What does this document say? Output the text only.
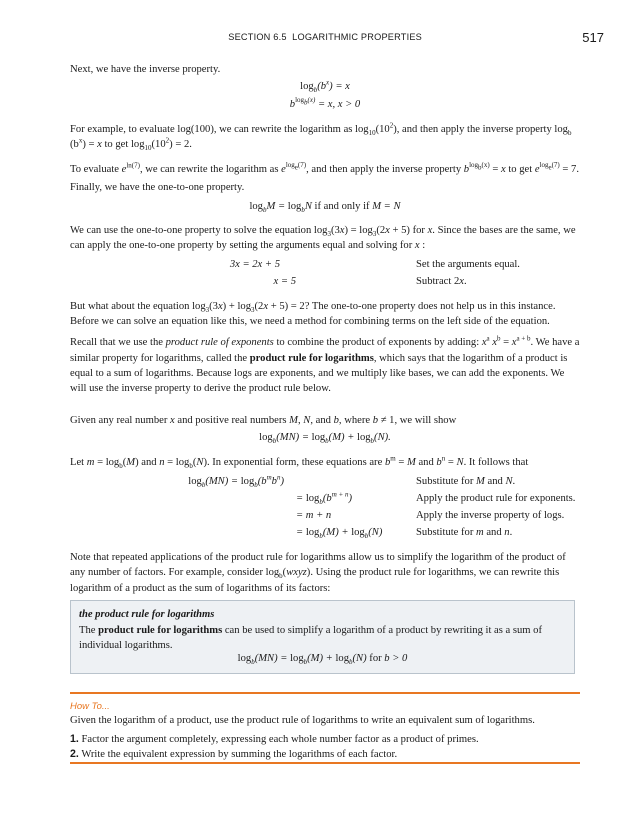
SECTION 6.5 LOGARITHMIC PROPERTIES	517

Next, we have the inverse property.

$\log_b(b^x) = x$
$b^{log_b(x)} = x$, x > 0

For example, to evaluate log(100), we can rewrite the logarithm as $\log_{10}(10^2)$, and then apply the inverse property $\log_b (b^x) = x$ to get $\log_{10}(10^2) = 2$.

To evaluate $e^{ln(7)}$, we can rewrite the logarithm as $e^{log_e(7)}$, and then apply the inverse property $b^{log_b(x)} = x$ to get $e^{log_e(7)} = 7$.

Finally, we have the one-to-one property.

$\log_bM = \log_bN$ if and only if M = N

We can use the one-to-one property to solve the equation $\log_3(3x) = \log_3(2x + 5)$ for x. Since the bases are the same, we can apply the one-to-one property by setting the arguments equal and solving for x :

3x = 2x + 5	Set the arguments equal.
x = 5	Subtract 2x.

But what about the equation $\log_3(3x) + \log_3(2x + 5) = 2$? The one-to-one property does not help us in this instance. Before we can solve an equation like this, we need a method for combining terms on the left side of the equation.

Recall that we use the product rule of exponents to combine the product of exponents by adding: $x^a$ $x^b = x^{a + b}$. We have a similar property for logarithms, called the product rule for logarithms, which says that the logarithm of a product is equal to a sum of logarithms. Because logs are exponents, and we multiply like bases, we can add the exponents. We will use the inverse property to derive the product rule below.

Given any real number x and positive real numbers M, N, and b, where b ≠ 1, we will show

$\log_b(MN) = \log_b(M) + \log_b(N)$.

Let $m = \log_b(M)$ and $n = \log_b(N)$. In exponential form, these equations are $b^m = M$ and $b^n = N$. It follows that

$\log_b(MN) = \log_b(b^mb^n)$	Substitute for M and N.
= $\log_b(b^{m + n})$	Apply the product rule for exponents.
= m + n	Apply the inverse property of logs.
= $\log_b(M) + \log_b(N)$	Substitute for m and n.

Note that repeated applications of the product rule for logarithms allow us to simplify the logarithm of the product of any number of factors. For example, consider $\log_b(wxyz)$. Using the product rule for logarithms, we can rewrite this logarithm of a product as the sum of logarithms of its factors:

the product rule for logarithms
The product rule for logarithms can be used to simplify a logarithm of a product by rewriting it as a sum of individual logarithms.
$\log_b(MN) = \log_b(M) + \log_b(N)$ for b > 0
How To...
Given the logarithm of a product, use the product rule of logarithms to write an equivalent sum of logarithms.
1. Factor the argument completely, expressing each whole number factor as a product of primes.
2. Write the equivalent expression by summing the logarithms of each factor.
